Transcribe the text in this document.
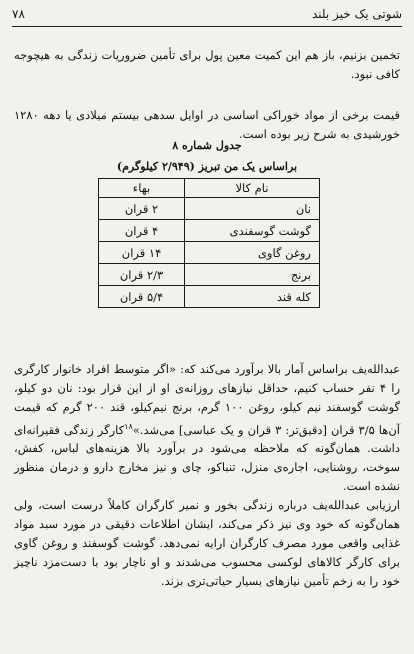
۷۸	شوتی یک خیز بلند

تخمین بزنیم، باز هم این کمیت معین پول برای تأمین ضروریات زندگی به هیچوجه کافی نبود.

قیمت برخی از مواد خوراکی اساسی در اوایل سدهی بیستم میلادی یا دهه ۱۲۸۰ خورشیدی به شرح زیر بوده است.

جدول شماره ۸
براساس یک من تبریز (۲/۹۴۹ کیلوگرم)
نام کالا	بهاء
نان	۲ قران
گوشت گوسفندی	۴ قران
روغن گاوی	۱۴ قران
برنج	۲/۳ قران
کله قند	۵/۴ قران

عبدالله‌یف براساس آمار بالا برآورد می‌کند که: «اگر متوسط افراد خانوار کارگری را ۴ نفر حساب کنیم، حداقل نیازهای روزانه‌ی او از این قرار بود: نان دو کیلو، گوشت گوسفند نیم کیلو، روغن ۱۰۰ گرم، برنج نیم‌کیلو، قند ۲۰۰ گرم که قیمت آن‌ها ۳/۵ قران [دقیق‌تر: ۳ قران و یک عباسی] می‌شد.»$^{۱۸}$کارگر زندگی فقیرانه‌ای داشت. همان‌گونه که ملاحظه می‌شود در برآورد بالا هزینه‌های لباس، کفش، سوخت، روشنایی، اجاره‌ی منزل، تنباکو، چای و نیز مخارج دارو و درمان منظور نشده است.
ارزیابی عبدالله‌یف درباره زندگی بخور و نمیر کارگران کاملاً درست است، ولی همان‌گونه که خود وی نیز ذکر می‌کند، ایشان اطلاعات دقیقی در مورد سبد مواد غذایی واقعی مورد مصرف کارگران ارایه نمی‌دهد. گوشت گوسفند و روغن گاوی برای کارگر کالاهای لوکسی محسوب می‌شدند و او ناچار بود با دست‌مزد ناچیز خود را به زخم تأمین نیازهای بسیار حیاتی‌تری بزند.
